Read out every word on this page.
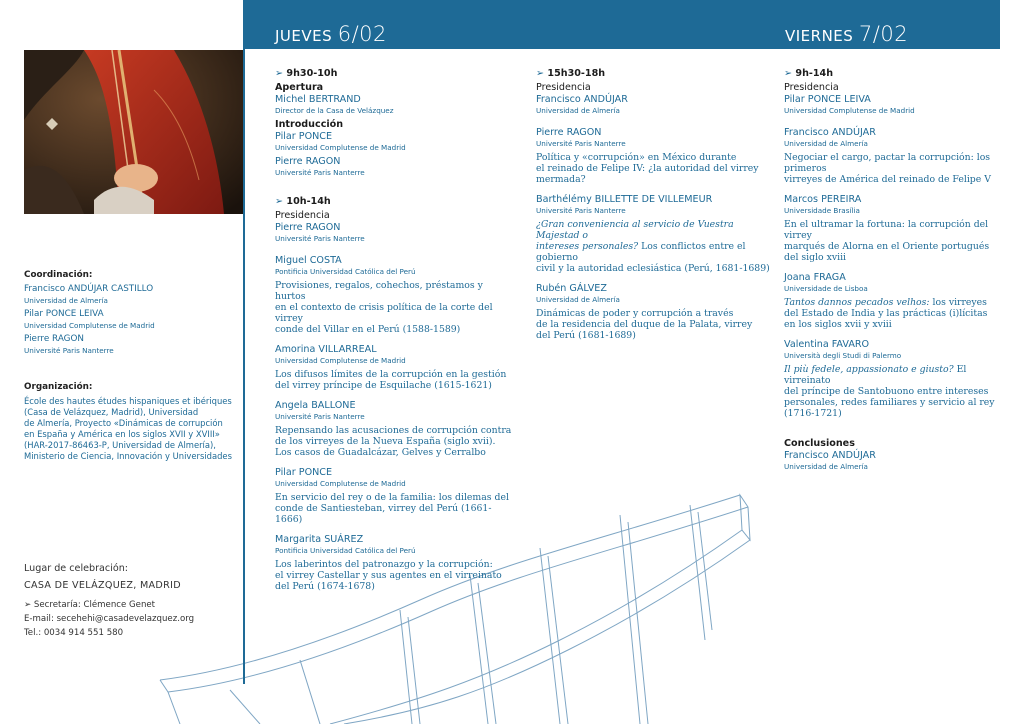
JUEVES 6/02	VIERNES 7/02
Coordinación:
Francisco ANDÚJAR CASTILLO
Universidad de Almería
Pilar PONCE LEIVA
Universidad Complutense de Madrid
Pierre RAGON
Université Paris Nanterre
Organización:
École des hautes études hispaniques et ibériques
(Casa de Velázquez, Madrid), Universidad
de Almería, Proyecto «Dinámicas de corrupción
en España y América en los siglos XVII y XVIII»
(HAR-2017-86463-P, Universidad de Almería),
Ministerio de Ciencia, Innovación y Universidades
Lugar de celebración:
CASA DE VELÁZQUEZ, MADRID
➢ Secretaría: Clémence Genet
E-mail: secehehi@casadevelazquez.org
Tel.: 0034 914 551 580
➢ 9h30-10h
Apertura
Michel BERTRAND
Director de la Casa de Velázquez
Introducción
Pilar PONCE
Universidad Complutense de Madrid
Pierre RAGON
Université Paris Nanterre
➢ 10h-14h
Presidencia
Pierre RAGON
Université Paris Nanterre
Miguel COSTA
Pontificia Universidad Católica del Perú
Provisiones, regalos, cohechos, préstamos y hurtos
en el contexto de crisis política de la corte del virrey
conde del Villar en el Perú (1588-1589)
Amorina VILLARREAL
Universidad Complutense de Madrid
Los difusos límites de la corrupción en la gestión
del virrey príncipe de Esquilache (1615-1621)
Angela BALLONE
Université Paris Nanterre
Repensando las acusaciones de corrupción contra
de los virreyes de la Nueva España (siglo xvii).
Los casos de Guadalcázar, Gelves y Cerralbo
Pilar PONCE
Universidad Complutense de Madrid
En servicio del rey o de la familia: los dilemas del
conde de Santiesteban, virrey del Perú (1661-1666)
Margarita SUÁREZ
Pontificia Universidad Católica del Perú
Los laberintos del patronazgo y la corrupción:
el virrey Castellar y sus agentes en el virreinato
del Perú (1674-1678)
➢ 15h30-18h
Presidencia
Francisco ANDÚJAR
Universidad de Almería
Pierre RAGON
Université Paris Nanterre
Política y «corrupción» en México durante
el reinado de Felipe IV: ¿la autoridad del virrey
mermada?
Barthélémy BILLETTE DE VILLEMEUR
Université Paris Nanterre
¿Gran conveniencia al servicio de Vuestra Majestad o
intereses personales? Los conflictos entre el gobierno
civil y la autoridad eclesiástica (Perú, 1681-1689)
Rubén GÁLVEZ
Universidad de Almería
Dinámicas de poder y corrupción a través
de la residencia del duque de la Palata, virrey
del Perú (1681-1689)
➢ 9h-14h
Presidencia
Pilar PONCE LEIVA
Universidad Complutense de Madrid
Francisco ANDÚJAR
Universidad de Almería
Negociar el cargo, pactar la corrupción: los primeros
virreyes de América del reinado de Felipe V
Marcos PEREIRA
Universidade Brasília
En el ultramar la fortuna: la corrupción del virrey
marqués de Alorna en el Oriente portugués
del siglo xviii
Joana FRAGA
Universidade de Lisboa
Tantos dannos pecados velhos: los virreyes
del Estado de India y las prácticas (i)lícitas
en los siglos xvii y xviii
Valentina FAVARO
Università degli Studi di Palermo
Il più fedele, appassionato e giusto? El virreinato
del príncipe de Santobuono entre intereses
personales, redes familiares y servicio al rey
(1716-1721)
Conclusiones
Francisco ANDÚJAR
Universidad de Almería
